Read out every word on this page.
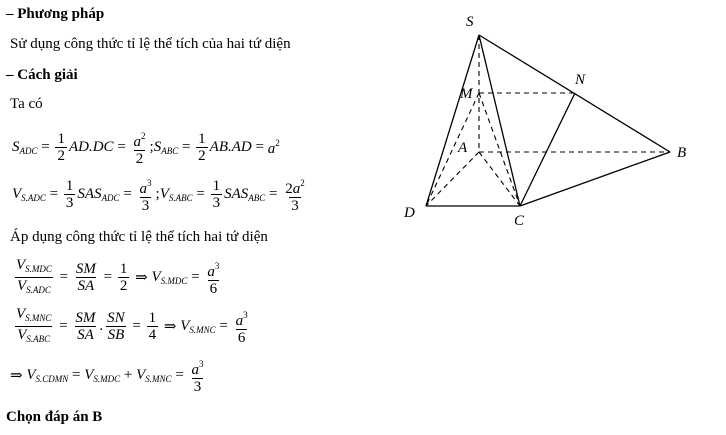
– Phương pháp
Sử dụng công thức tỉ lệ thể tích của hai tứ diện
– Cách giải
Ta có
$S_{ADC} = \frac{1}{2} AD.DC = \frac{a^2}{2}$ ; $S_{ABC} = \frac{1}{2} AB.AD = a^2$
$V_{S.ADC} = \frac{1}{3} SAS_{ADC} = \frac{a^3}{3}$ ; $V_{S.ABC} = \frac{1}{3} SAS_{ABC} = \frac{2a^2}{3}$
Áp dụng công thức tỉ lệ thể tích hai tứ diện
$\frac{V_{S.MDC}}{V_{S.ADC}} = \frac{SM}{SA} = \frac{1}{2}$ ⇒ $V_{S.MDC} = \frac{a^3}{6}$
$\frac{V_{S.MNC}}{V_{S.ABC}} = \frac{SM}{SA}$ . $\frac{SN}{SB} = \frac{1}{4}$ ⇒ $V_{S.MNC} = \frac{a^3}{6}$
⇒ $V_{S.CDMN} = V_{S.MDC} + V_{S.MNC} = \frac{a^3}{3}$
Chọn đáp án B
S
M
N
A	B
C
D
